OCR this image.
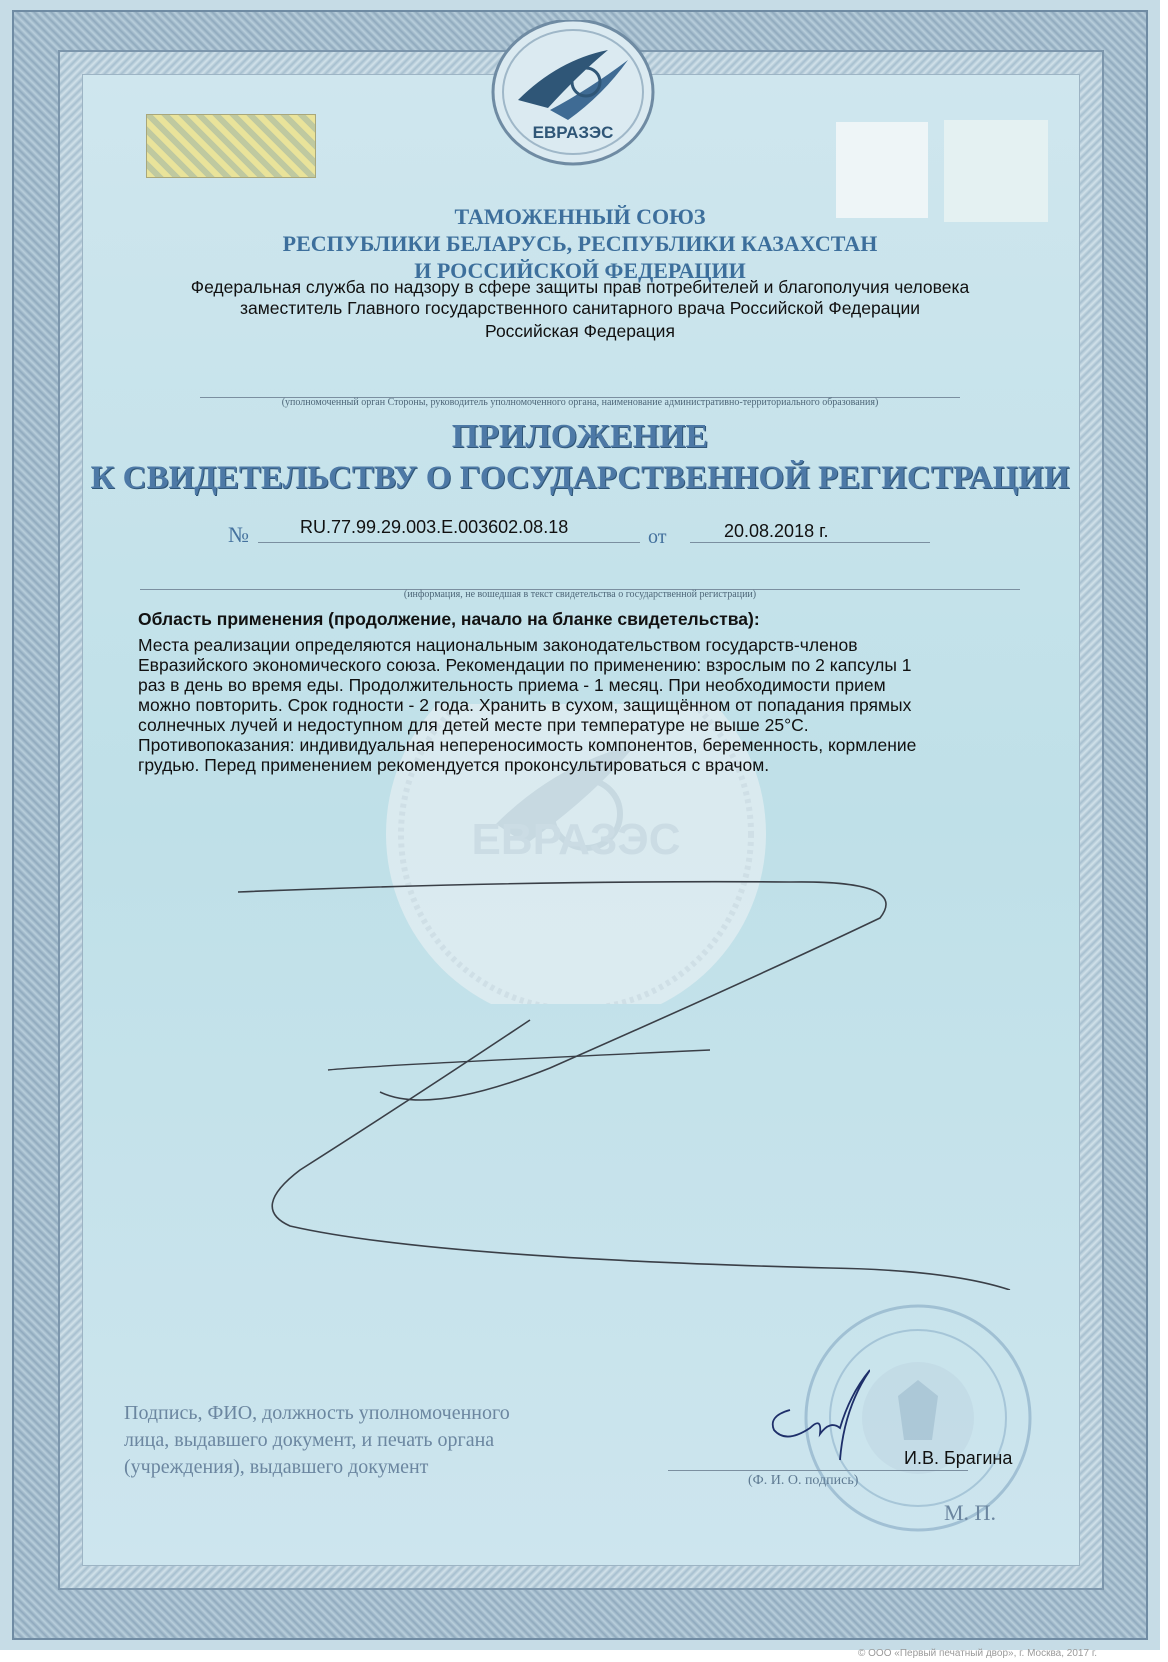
ЕВРАЗЭС
ЕВРАЗЭС
ТАМОЖЕННЫЙ СОЮЗ
РЕСПУБЛИКИ БЕЛАРУСЬ, РЕСПУБЛИКИ КАЗАХСТАН
И РОССИЙСКОЙ ФЕДЕРАЦИИ
Федеральная служба по надзору в сфере защиты прав потребителей и благополучия человека
заместитель Главного государственного санитарного врача Российской Федерации
Российская Федерация
(уполномоченный орган Стороны, руководитель уполномоченного органа, наименование административно-территориального образования)
ПРИЛОЖЕНИЕ
К СВИДЕТЕЛЬСТВУ О ГОСУДАРСТВЕННОЙ РЕГИСТРАЦИИ
№	RU.77.99.29.003.E.003602.08.18	от	20.08.2018 г.
(информация, не вошедшая в текст свидетельства о государственной регистрации)
Область применения (продолжение, начало на бланке свидетельства):
Места реализации определяются национальным законодательством государств-членов
Евразийского экономического союза. Рекомендации по применению: взрослым по 2 капсулы 1
раз в день во время еды. Продолжительность приема - 1 месяц. При необходимости прием
можно повторить. Срок годности - 2 года. Хранить в сухом, защищённом от попадания прямых
солнечных лучей и недоступном для детей месте при температуре не выше 25°С.
Противопоказания: индивидуальная непереносимость компонентов, беременность, кормление
грудью. Перед применением рекомендуется проконсультироваться с врачом.
Подпись, ФИО, должность уполномоченного
лица, выдавшего документ, и печать органа
(учреждения), выдавшего документ	И.В. Брагина
(Ф. И. О. подпись)
М. П.
© ООО «Первый печатный двор», г. Москва, 2017 г.
